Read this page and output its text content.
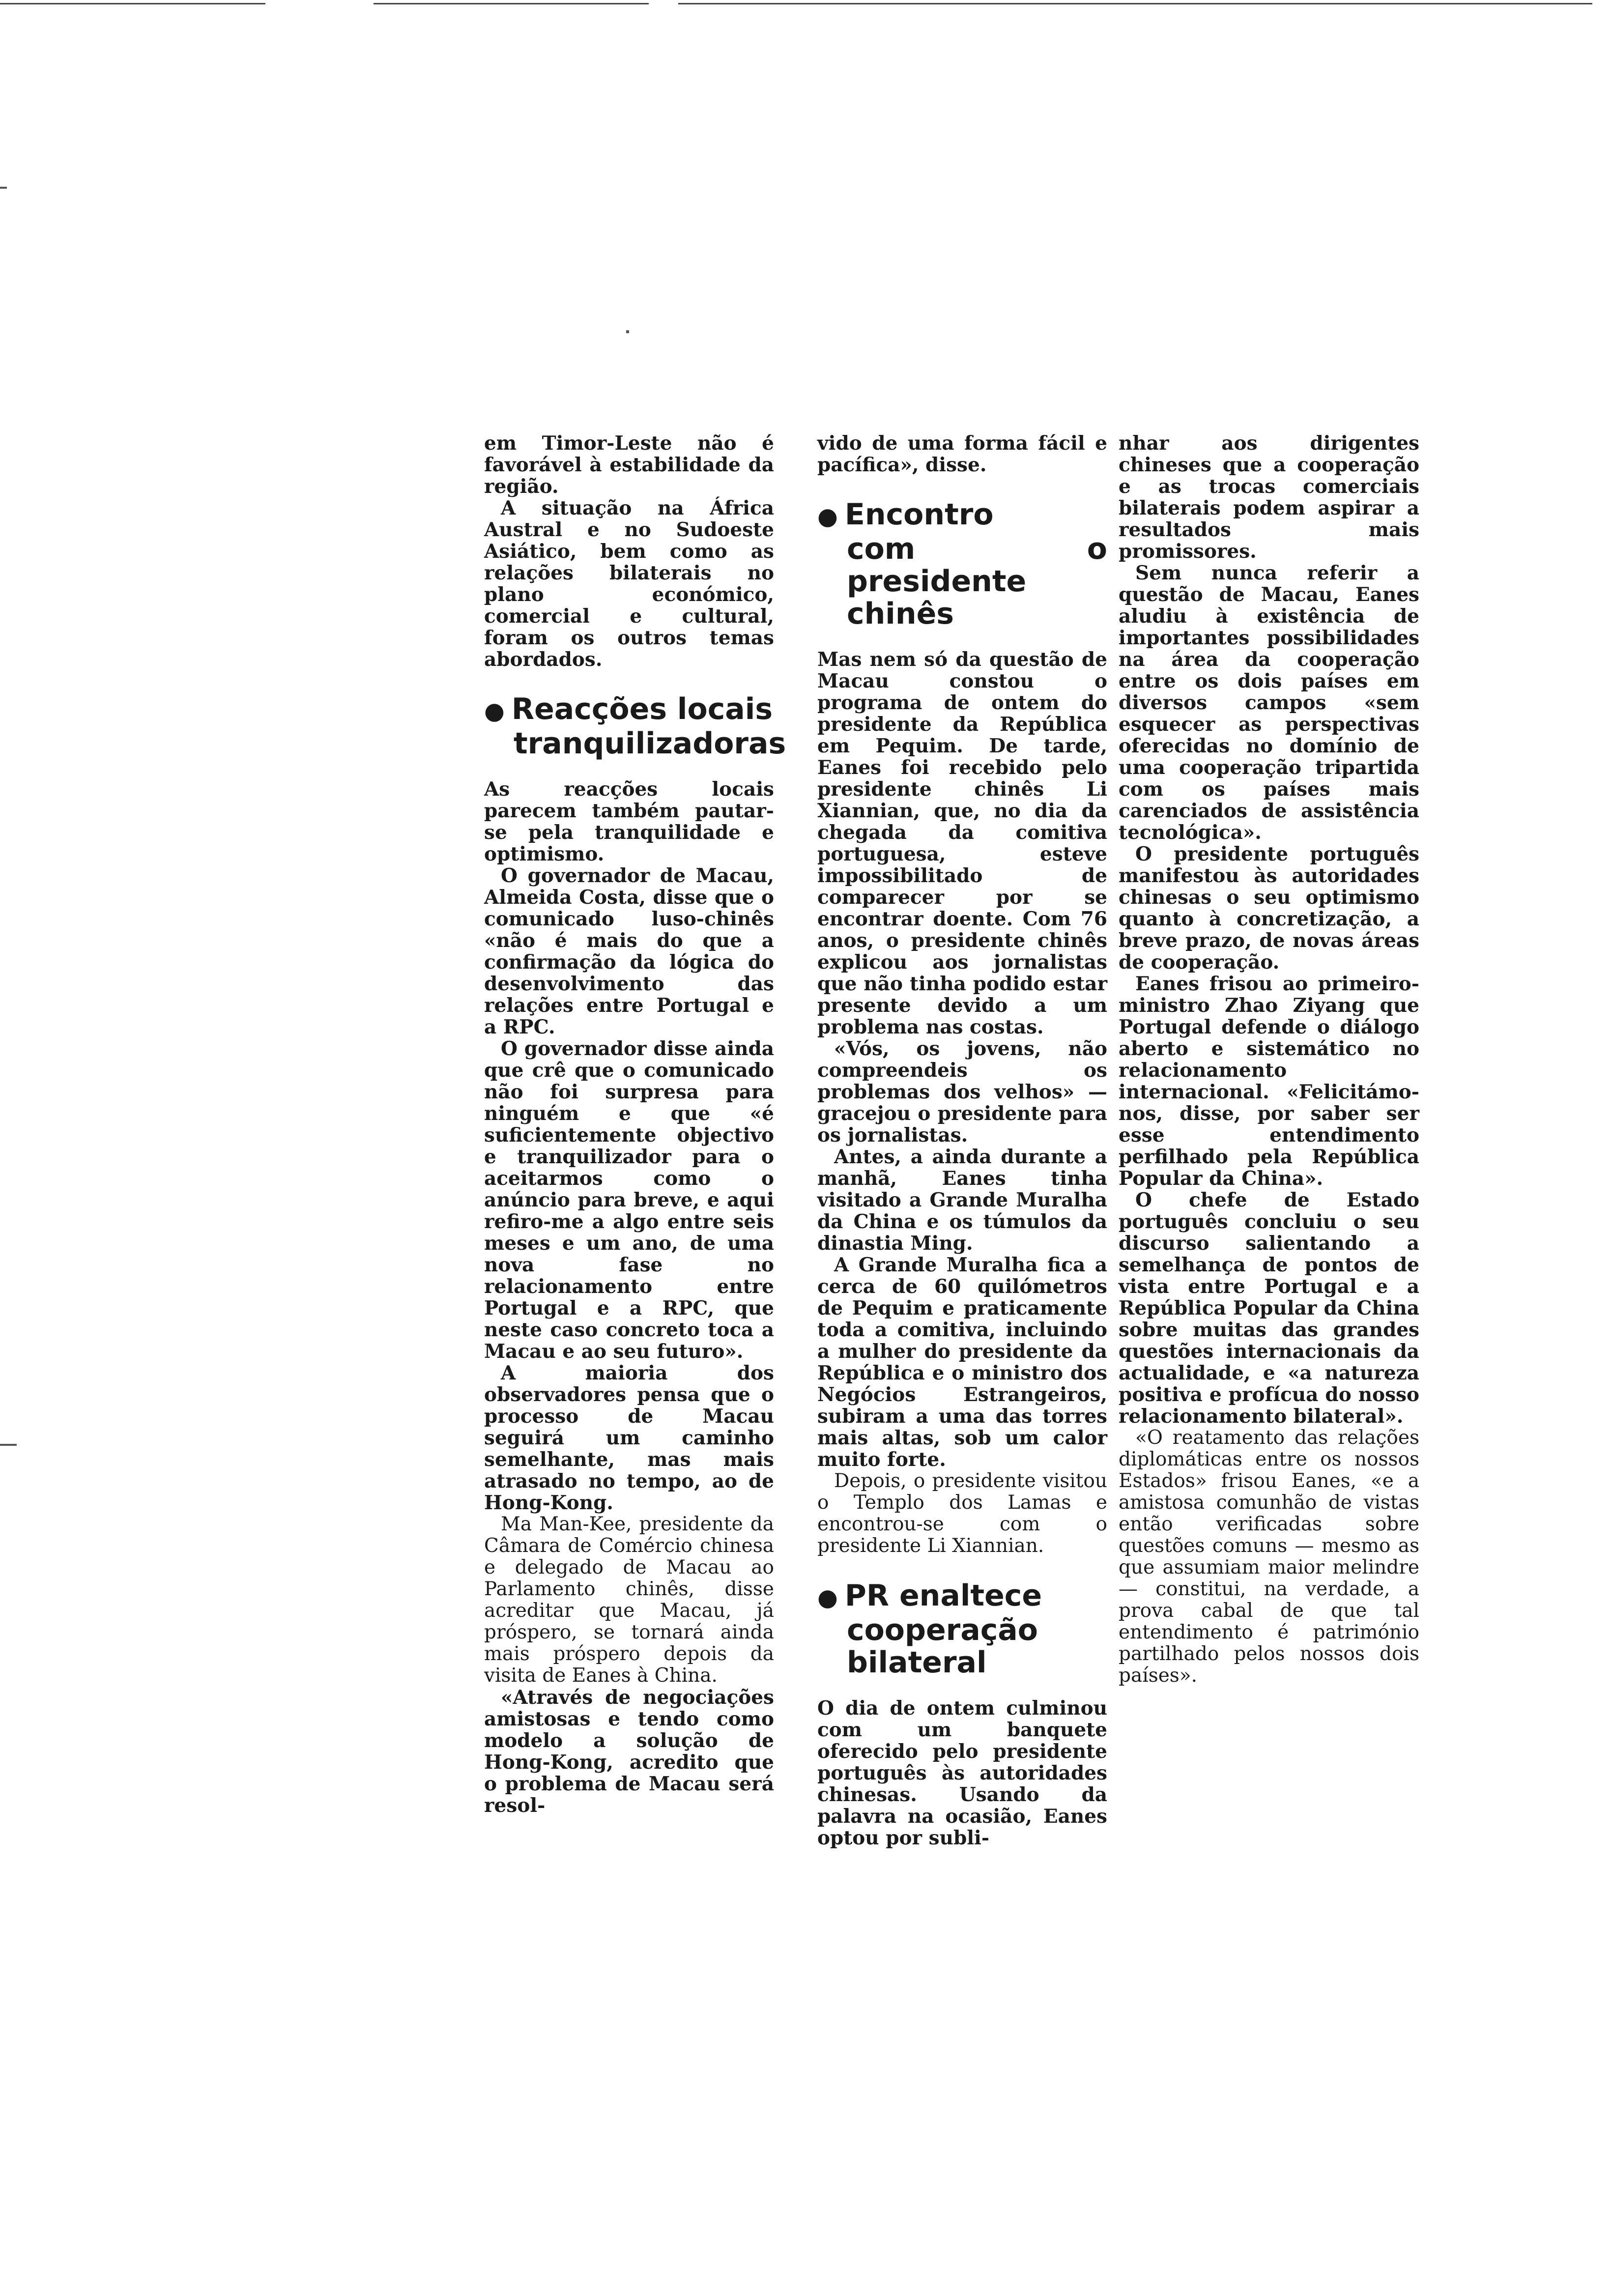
em Timor-Leste não é favorável à estabilidade da região.

A situação na África Austral e no Sudoeste Asiático, bem como as relações bilaterais no plano económico, comercial e cultural, foram os outros temas abordados.

● Reacções locais
tranquilizadoras

As reacções locais parecem também pautar-se pela tranquilidade e optimismo.

O governador de Macau, Almeida Costa, disse que o comunicado luso-chinês «não é mais do que a confirmação da lógica do desenvolvimento das relações entre Portugal e a RPC.

O governador disse ainda que crê que o comunicado não foi surpresa para ninguém e que «é suficientemente objectivo e tranquilizador para o aceitarmos como o anúncio para breve, e aqui refiro-me a algo entre seis meses e um ano, de uma nova fase no relacionamento entre Portugal e a RPC, que neste caso concreto toca a Macau e ao seu futuro».

A maioria dos observadores pensa que o processo de Macau seguirá um caminho semelhante, mas mais atrasado no tempo, ao de Hong-Kong.

Ma Man-Kee, presidente da Câmara de Comércio chinesa e delegado de Macau ao Parlamento chinês, disse acreditar que Macau, já próspero, se tornará ainda mais próspero depois da visita de Eanes à China.

«Através de negociações amistosas e tendo como modelo a solução de Hong-Kong, acredito que o problema de Macau será resol-

vido de uma forma fácil e pacífica», disse.

● Encontro
com o presidente
chinês

Mas nem só da questão de Macau constou o programa de ontem do presidente da República em Pequim. De tarde, Eanes foi recebido pelo presidente chinês Li Xiannian, que, no dia da chegada da comitiva portuguesa, esteve impossibilitado de comparecer por se encontrar doente. Com 76 anos, o presidente chinês explicou aos jornalistas que não tinha podido estar presente devido a um problema nas costas.

«Vós, os jovens, não compreendeis os problemas dos velhos» — gracejou o presidente para os jornalistas.

Antes, a ainda durante a manhã, Eanes tinha visitado a Grande Muralha da China e os túmulos da dinastia Ming.

A Grande Muralha fica a cerca de 60 quilómetros de Pequim e praticamente toda a comitiva, incluindo a mulher do presidente da República e o ministro dos Negócios Estrangeiros, subiram a uma das torres mais altas, sob um calor muito forte.

Depois, o presidente visitou o Templo dos Lamas e encontrou-se com o presidente Li Xiannian.

● PR enaltece
cooperação
bilateral

O dia de ontem culminou com um banquete oferecido pelo presidente português às autoridades chinesas. Usando da palavra na ocasião, Eanes optou por subli-

nhar aos dirigentes chineses que a cooperação e as trocas comerciais bilaterais podem aspirar a resultados mais promissores.

Sem nunca referir a questão de Macau, Eanes aludiu à existência de importantes possibilidades na área da cooperação entre os dois países em diversos campos «sem esquecer as perspectivas oferecidas no domínio de uma cooperação tripartida com os países mais carenciados de assistência tecnológica».

O presidente português manifestou às autoridades chinesas o seu optimismo quanto à concretização, a breve prazo, de novas áreas de cooperação.

Eanes frisou ao primeiro-ministro Zhao Ziyang que Portugal defende o diálogo aberto e sistemático no relacionamento internacional. «Felicitámo-nos, disse, por saber ser esse entendimento perfilhado pela República Popular da China».

O chefe de Estado português concluiu o seu discurso salientando a semelhança de pontos de vista entre Portugal e a República Popular da China sobre muitas das grandes questões internacionais da actualidade, e «a natureza positiva e profícua do nosso relacionamento bilateral».

«O reatamento das relações diplomáticas entre os nossos Estados» frisou Eanes, «e a amistosa comunhão de vistas então verificadas sobre questões comuns — mesmo as que assumiam maior melindre — constitui, na verdade, a prova cabal de que tal entendimento é património partilhado pelos nossos dois países».
